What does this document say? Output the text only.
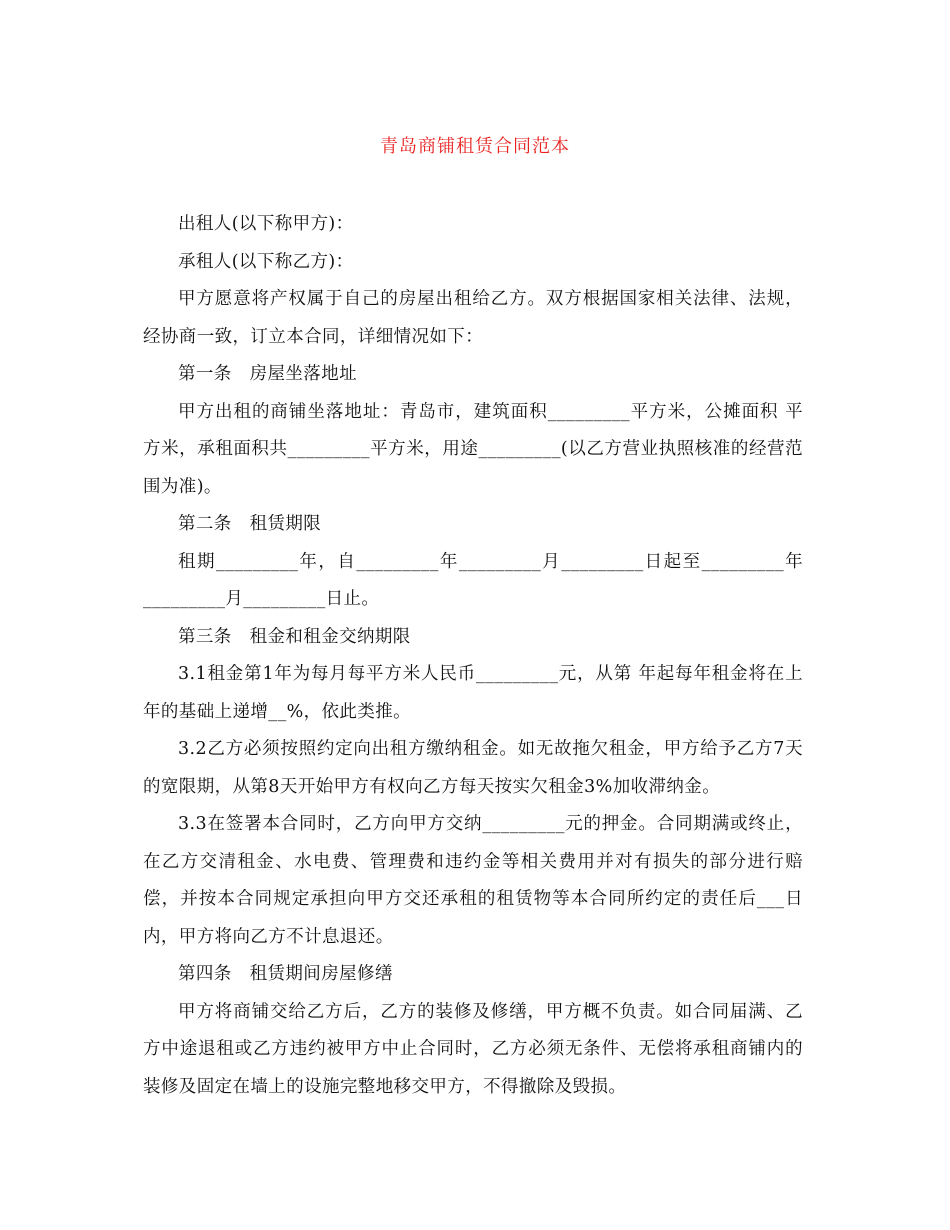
青岛商铺租赁合同范本

出租人(以下称甲方)：

承租人(以下称乙方)：

甲方愿意将产权属于自己的房屋出租给乙方。双方根据国家相关法律、法规，经协商一致，订立本合同，详细情况如下：

第一条　房屋坐落地址

甲方出租的商铺坐落地址：青岛市，建筑面积_________平方米，公摊面积 平方米，承租面积共_________平方米，用途_________(以乙方营业执照核准的经营范围为准)。

第二条　租赁期限

租期_________年，自_________年_________月_________日起至_________年_________月_________日止。

第三条　租金和租金交纳期限

3.1租金第1年为每月每平方米人民币_________元，从第 年起每年租金将在上年的基础上递增__%，依此类推。

3.2乙方必须按照约定向出租方缴纳租金。如无故拖欠租金，甲方给予乙方7天的宽限期，从第8天开始甲方有权向乙方每天按实欠租金3%加收滞纳金。

3.3在签署本合同时，乙方向甲方交纳_________元的押金。合同期满或终止，在乙方交清租金、水电费、管理费和违约金等相关费用并对有损失的部分进行赔偿，并按本合同规定承担向甲方交还承租的租赁物等本合同所约定的责任后___日内，甲方将向乙方不计息退还。

第四条　租赁期间房屋修缮

甲方将商铺交给乙方后，乙方的装修及修缮，甲方概不负责。如合同届满、乙方中途退租或乙方违约被甲方中止合同时，乙方必须无条件、无偿将承租商铺内的装修及固定在墙上的设施完整地移交甲方，不得撤除及毁损。
